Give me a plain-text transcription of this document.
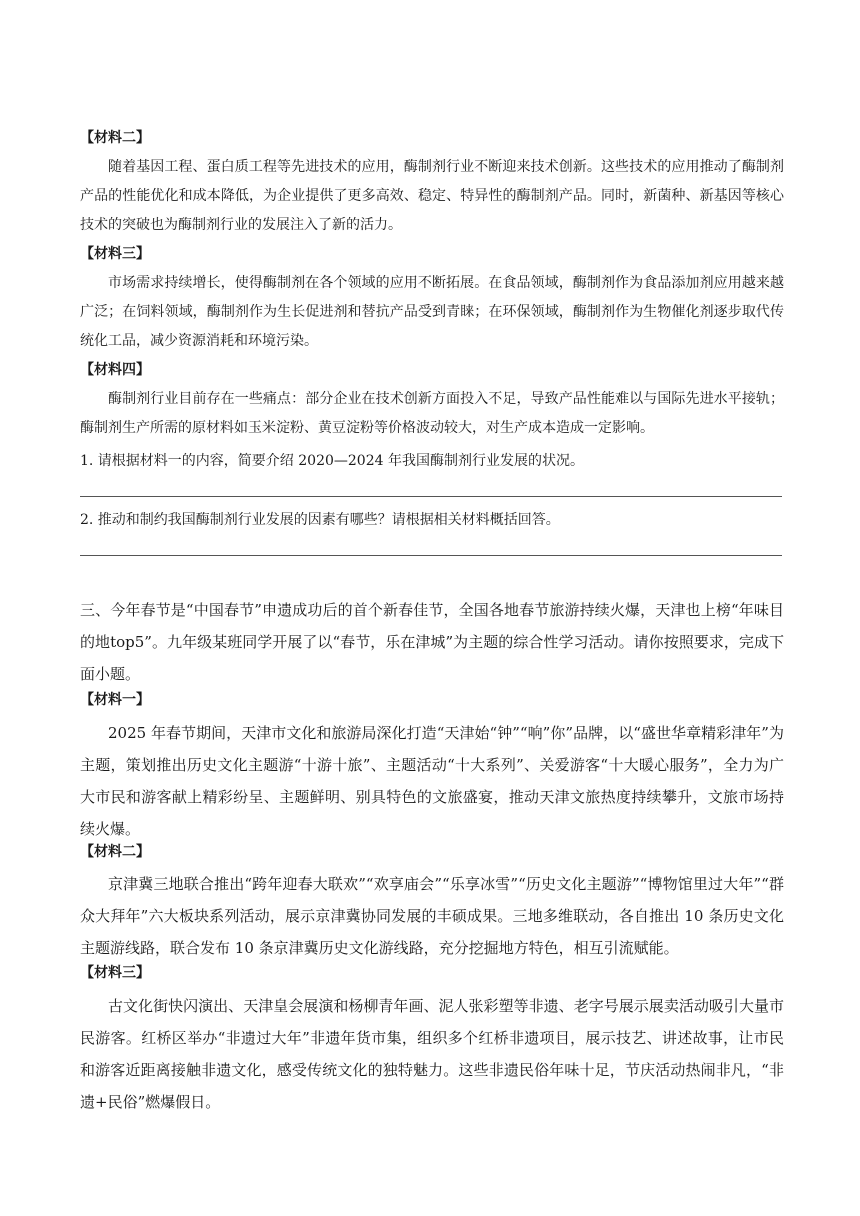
【材料二】
随着基因工程、蛋白质工程等先进技术的应用，酶制剂行业不断迎来技术创新。这些技术的应用推动了酶制剂产品的性能优化和成本降低，为企业提供了更多高效、稳定、特异性的酶制剂产品。同时，新菌种、新基因等核心技术的突破也为酶制剂行业的发展注入了新的活力。
【材料三】
市场需求持续增长，使得酶制剂在各个领域的应用不断拓展。在食品领域，酶制剂作为食品添加剂应用越来越广泛；在饲料领域，酶制剂作为生长促进剂和替抗产品受到青睐；在环保领域，酶制剂作为生物催化剂逐步取代传统化工品，减少资源消耗和环境污染。
【材料四】
酶制剂行业目前存在一些痛点：部分企业在技术创新方面投入不足，导致产品性能难以与国际先进水平接轨；酶制剂生产所需的原材料如玉米淀粉、黄豆淀粉等价格波动较大，对生产成本造成一定影响。
1. 请根据材料一的内容，简要介绍 2020—2024 年我国酶制剂行业发展的状况。
2. 推动和制约我国酶制剂行业发展的因素有哪些？请根据相关材料概括回答。
三、今年春节是“中国春节”申遗成功后的首个新春佳节，全国各地春节旅游持续火爆，天津也上榜“年味目的地top5”。九年级某班同学开展了以“春节，乐在津城”为主题的综合性学习活动。请你按照要求，完成下面小题。
【材料一】
2025 年春节期间，天津市文化和旅游局深化打造“天津始“钟”“响”你”品牌，以“盛世华章精彩津年”为主题，策划推出历史文化主题游“十游十旅”、主题活动“十大系列”、关爱游客“十大暖心服务”，全力为广大市民和游客献上精彩纷呈、主题鲜明、别具特色的文旅盛宴，推动天津文旅热度持续攀升，文旅市场持续火爆。
【材料二】
京津冀三地联合推出“跨年迎春大联欢”“欢享庙会”“乐享冰雪”“历史文化主题游”“博物馆里过大年”“群众大拜年”六大板块系列活动，展示京津冀协同发展的丰硕成果。三地多维联动，各自推出 10 条历史文化主题游线路，联合发布 10 条京津冀历史文化游线路，充分挖掘地方特色，相互引流赋能。
【材料三】
古文化街快闪演出、天津皇会展演和杨柳青年画、泥人张彩塑等非遗、老字号展示展卖活动吸引大量市民游客。红桥区举办“非遗过大年”非遗年货市集，组织多个红桥非遗项目，展示技艺、讲述故事，让市民和游客近距离接触非遗文化，感受传统文化的独特魅力。这些非遗民俗年味十足，节庆活动热闹非凡，“非遗+民俗”燃爆假日。
